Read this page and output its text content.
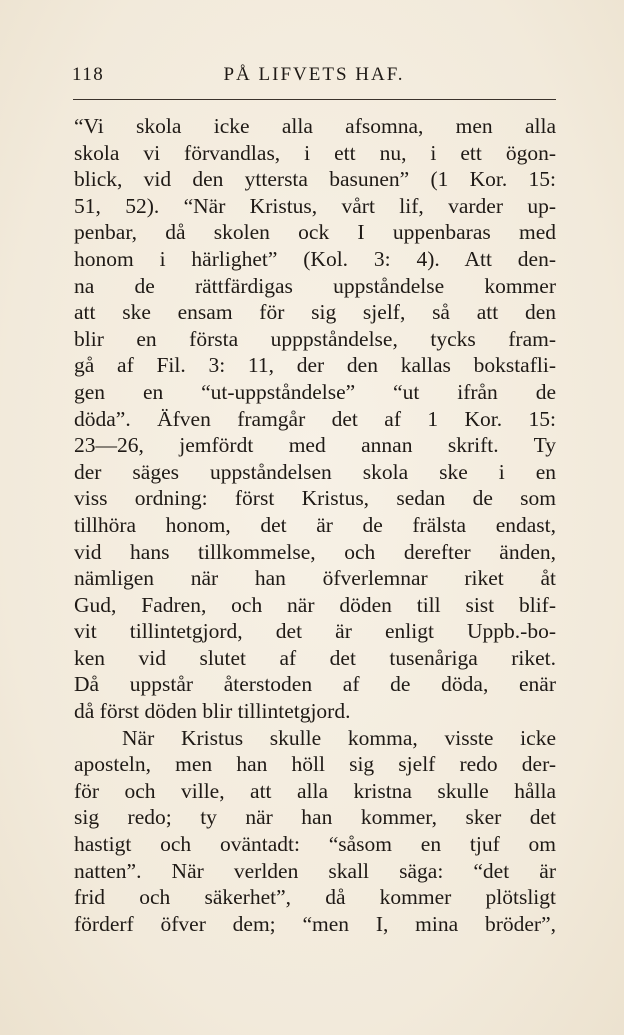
118	PÅ LIFVETS HAF.
“Vi skola icke alla afsomna, men alla
skola vi förvandlas, i ett nu, i ett ögon-
blick, vid den yttersta basunen” (1 Kor. 15:
51, 52). “När Kristus, vårt lif, varder up-
penbar, då skolen ock I uppenbaras med
honom i härlighet” (Kol. 3: 4). Att den-
na de rättfärdigas uppståndelse kommer
att ske ensam för sig sjelf, så att den
blir en första upppståndelse, tycks fram-
gå af Fil. 3: 11, der den kallas bokstafli-
gen en “ut-uppståndelse” “ut ifrån de
döda”. Äfven framgår det af 1 Kor. 15:
23—26, jemfördt med annan skrift. Ty
der säges uppståndelsen skola ske i en
viss ordning: först Kristus, sedan de som
tillhöra honom, det är de frälsta endast,
vid hans tillkommelse, och derefter änden,
nämligen när han öfverlemnar riket åt
Gud, Fadren, och när döden till sist blif-
vit tillintetgjord, det är enligt Uppb.-bo-
ken vid slutet af det tusenåriga riket.
Då uppstår återstoden af de döda, enär
då först döden blir tillintetgjord.
När Kristus skulle komma, visste icke
aposteln, men han höll sig sjelf redo der-
för och ville, att alla kristna skulle hålla
sig redo; ty när han kommer, sker det
hastigt och oväntadt: “såsom en tjuf om
natten”. När verlden skall säga: “det är
frid och säkerhet”, då kommer plötsligt
förderf öfver dem; “men I, mina bröder”,
